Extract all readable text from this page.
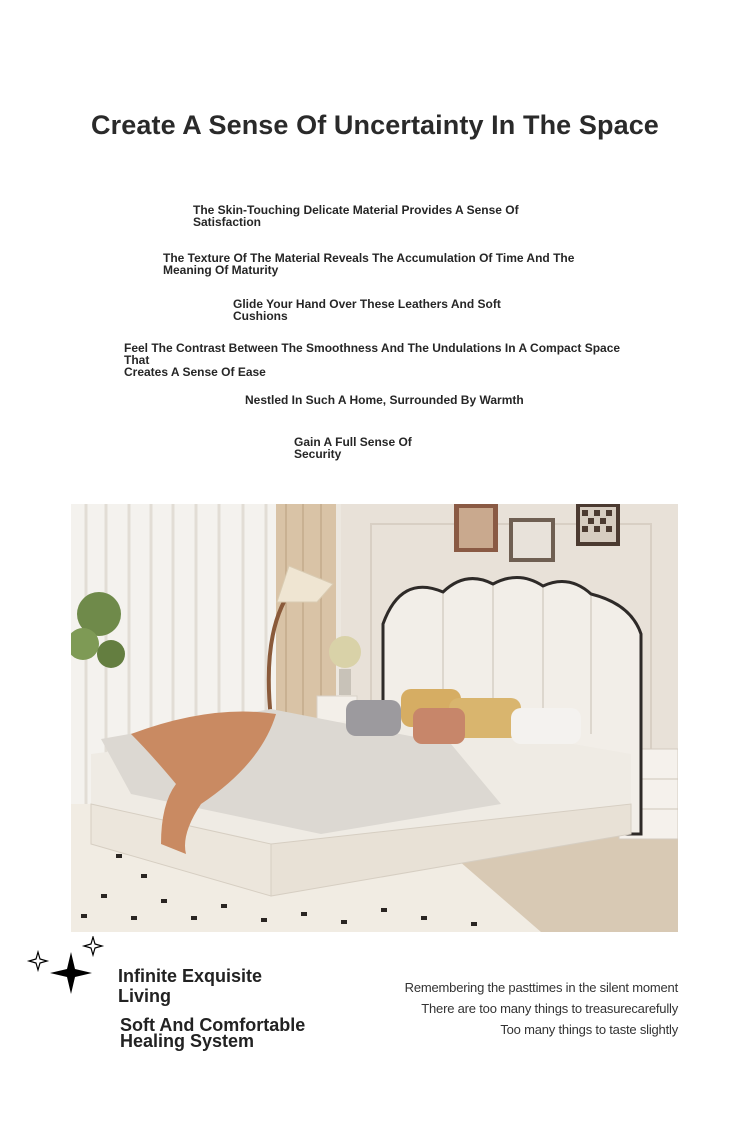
Create A Sense Of Uncertainty In The Space

The Skin-Touching Delicate Material Provides A Sense Of
Satisfaction

The Texture Of The Material Reveals The Accumulation Of Time And The
Meaning Of Maturity

Glide Your Hand Over These Leathers And Soft
Cushions

Feel The Contrast Between The Smoothness And The Undulations In A Compact Space That
Creates A Sense Of Ease

Nestled In Such A Home, Surrounded By Warmth

Gain A Full Sense Of
Security

Infinite Exquisite Living
Soft And Comfortable Healing System
Remembering the pasttimes in the silent moment
There are too many things to treasurecarefully
Too many things to taste slightly
